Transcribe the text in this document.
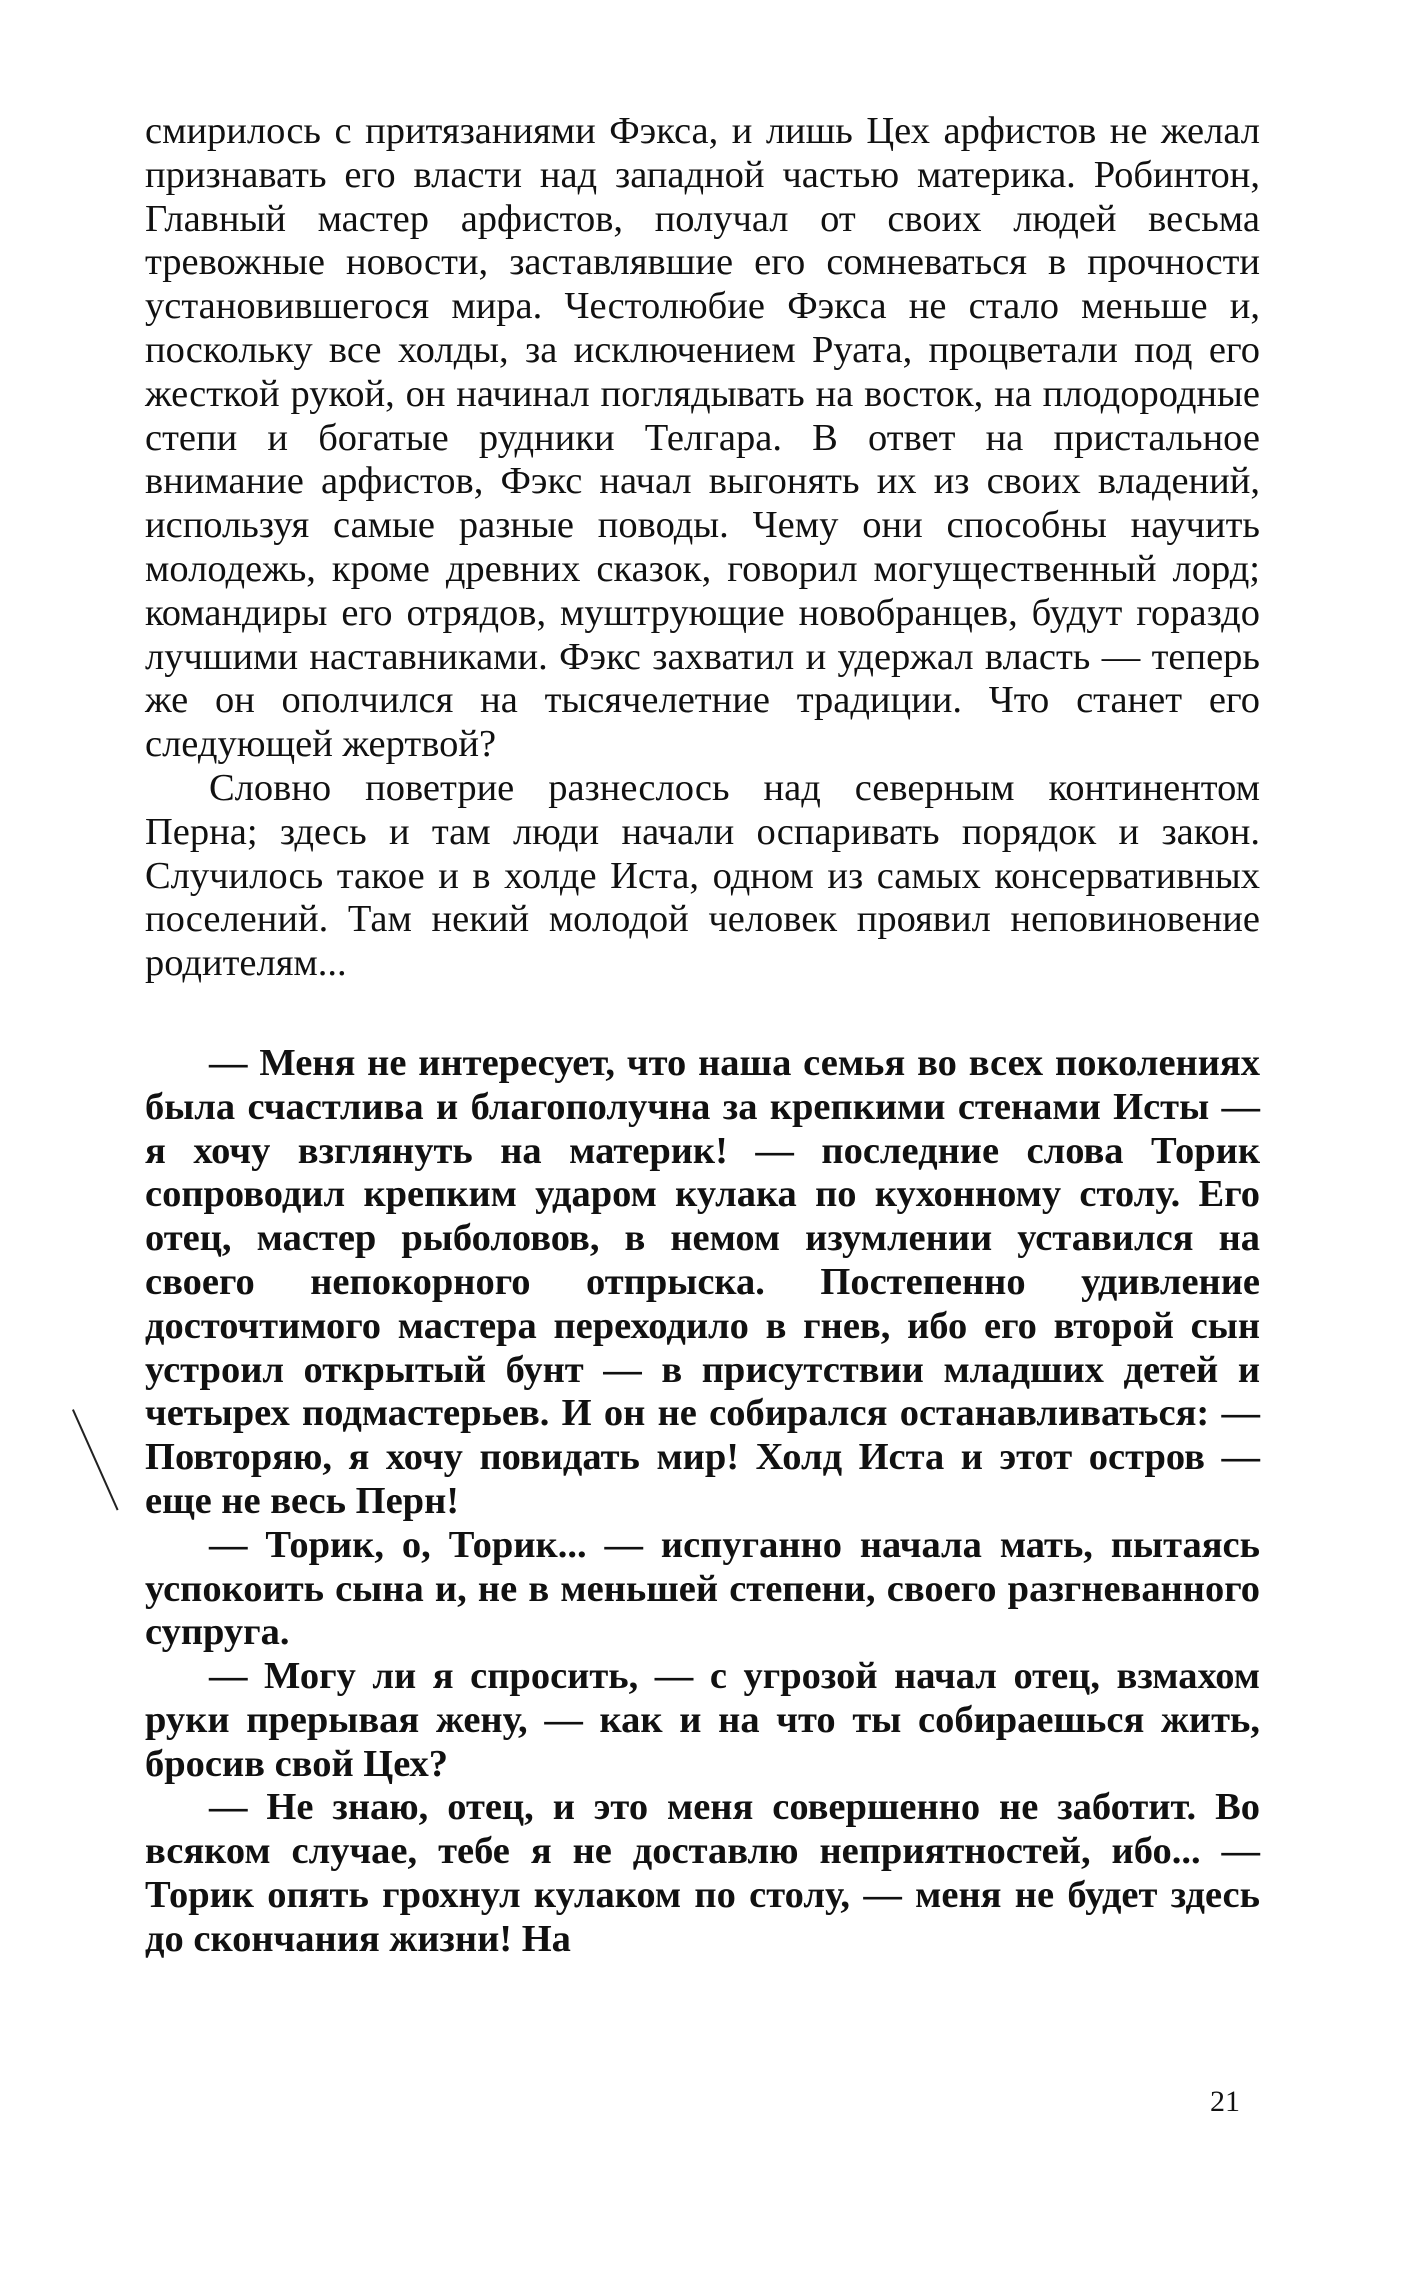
смирилось с притязаниями Фэкса, и лишь Цех арфистов не желал признавать его власти над западной частью материка. Робинтон, Главный мастер арфистов, получал от своих людей весьма тревожные новости, заставлявшие его сомневаться в прочности установившегося мира. Честолюбие Фэкса не стало меньше и, поскольку все холды, за исключением Руата, процветали под его жесткой рукой, он начинал поглядывать на восток, на плодородные степи и богатые рудники Телгара. В ответ на пристальное внимание арфистов, Фэкс начал выгонять их из своих владений, используя самые разные поводы. Чему они способны научить молодежь, кроме древних сказок, говорил могущественный лорд; командиры его отрядов, муштрующие новобранцев, будут гораздо лучшими наставниками. Фэкс захватил и удержал власть — теперь же он ополчился на тысячелетние традиции. Что станет его следующей жертвой?

Словно поветрие разнеслось над северным континентом Перна; здесь и там люди начали оспаривать порядок и закон. Случилось такое и в холде Иста, одном из самых консервативных поселений. Там некий молодой человек проявил неповиновение родителям...

— Меня не интересует, что наша семья во всех поколениях была счастлива и благополучна за крепкими стенами Исты — я хочу взглянуть на материк! — последние слова Торик сопроводил крепким ударом кулака по кухонному столу. Его отец, мастер рыболовов, в немом изумлении уставился на своего непокорного отпрыска. Постепенно удивление досточтимого мастера переходило в гнев, ибо его второй сын устроил открытый бунт — в присутствии младших детей и четырех подмастерьев. И он не собирался останавливаться: — Повторяю, я хочу повидать мир! Холд Иста и этот остров — еще не весь Перн!

— Торик, о, Торик... — испуганно начала мать, пытаясь успокоить сына и, не в меньшей степени, своего разгневанного супруга.

— Могу ли я спросить, — с угрозой начал отец, взмахом руки прерывая жену, — как и на что ты собираешься жить, бросив свой Цех?

— Не знаю, отец, и это меня совершенно не заботит. Во всяком случае, тебе я не доставлю неприятностей, ибо... — Торик опять грохнул кулаком по столу, — меня не будет здесь до скончания жизни! На

21
